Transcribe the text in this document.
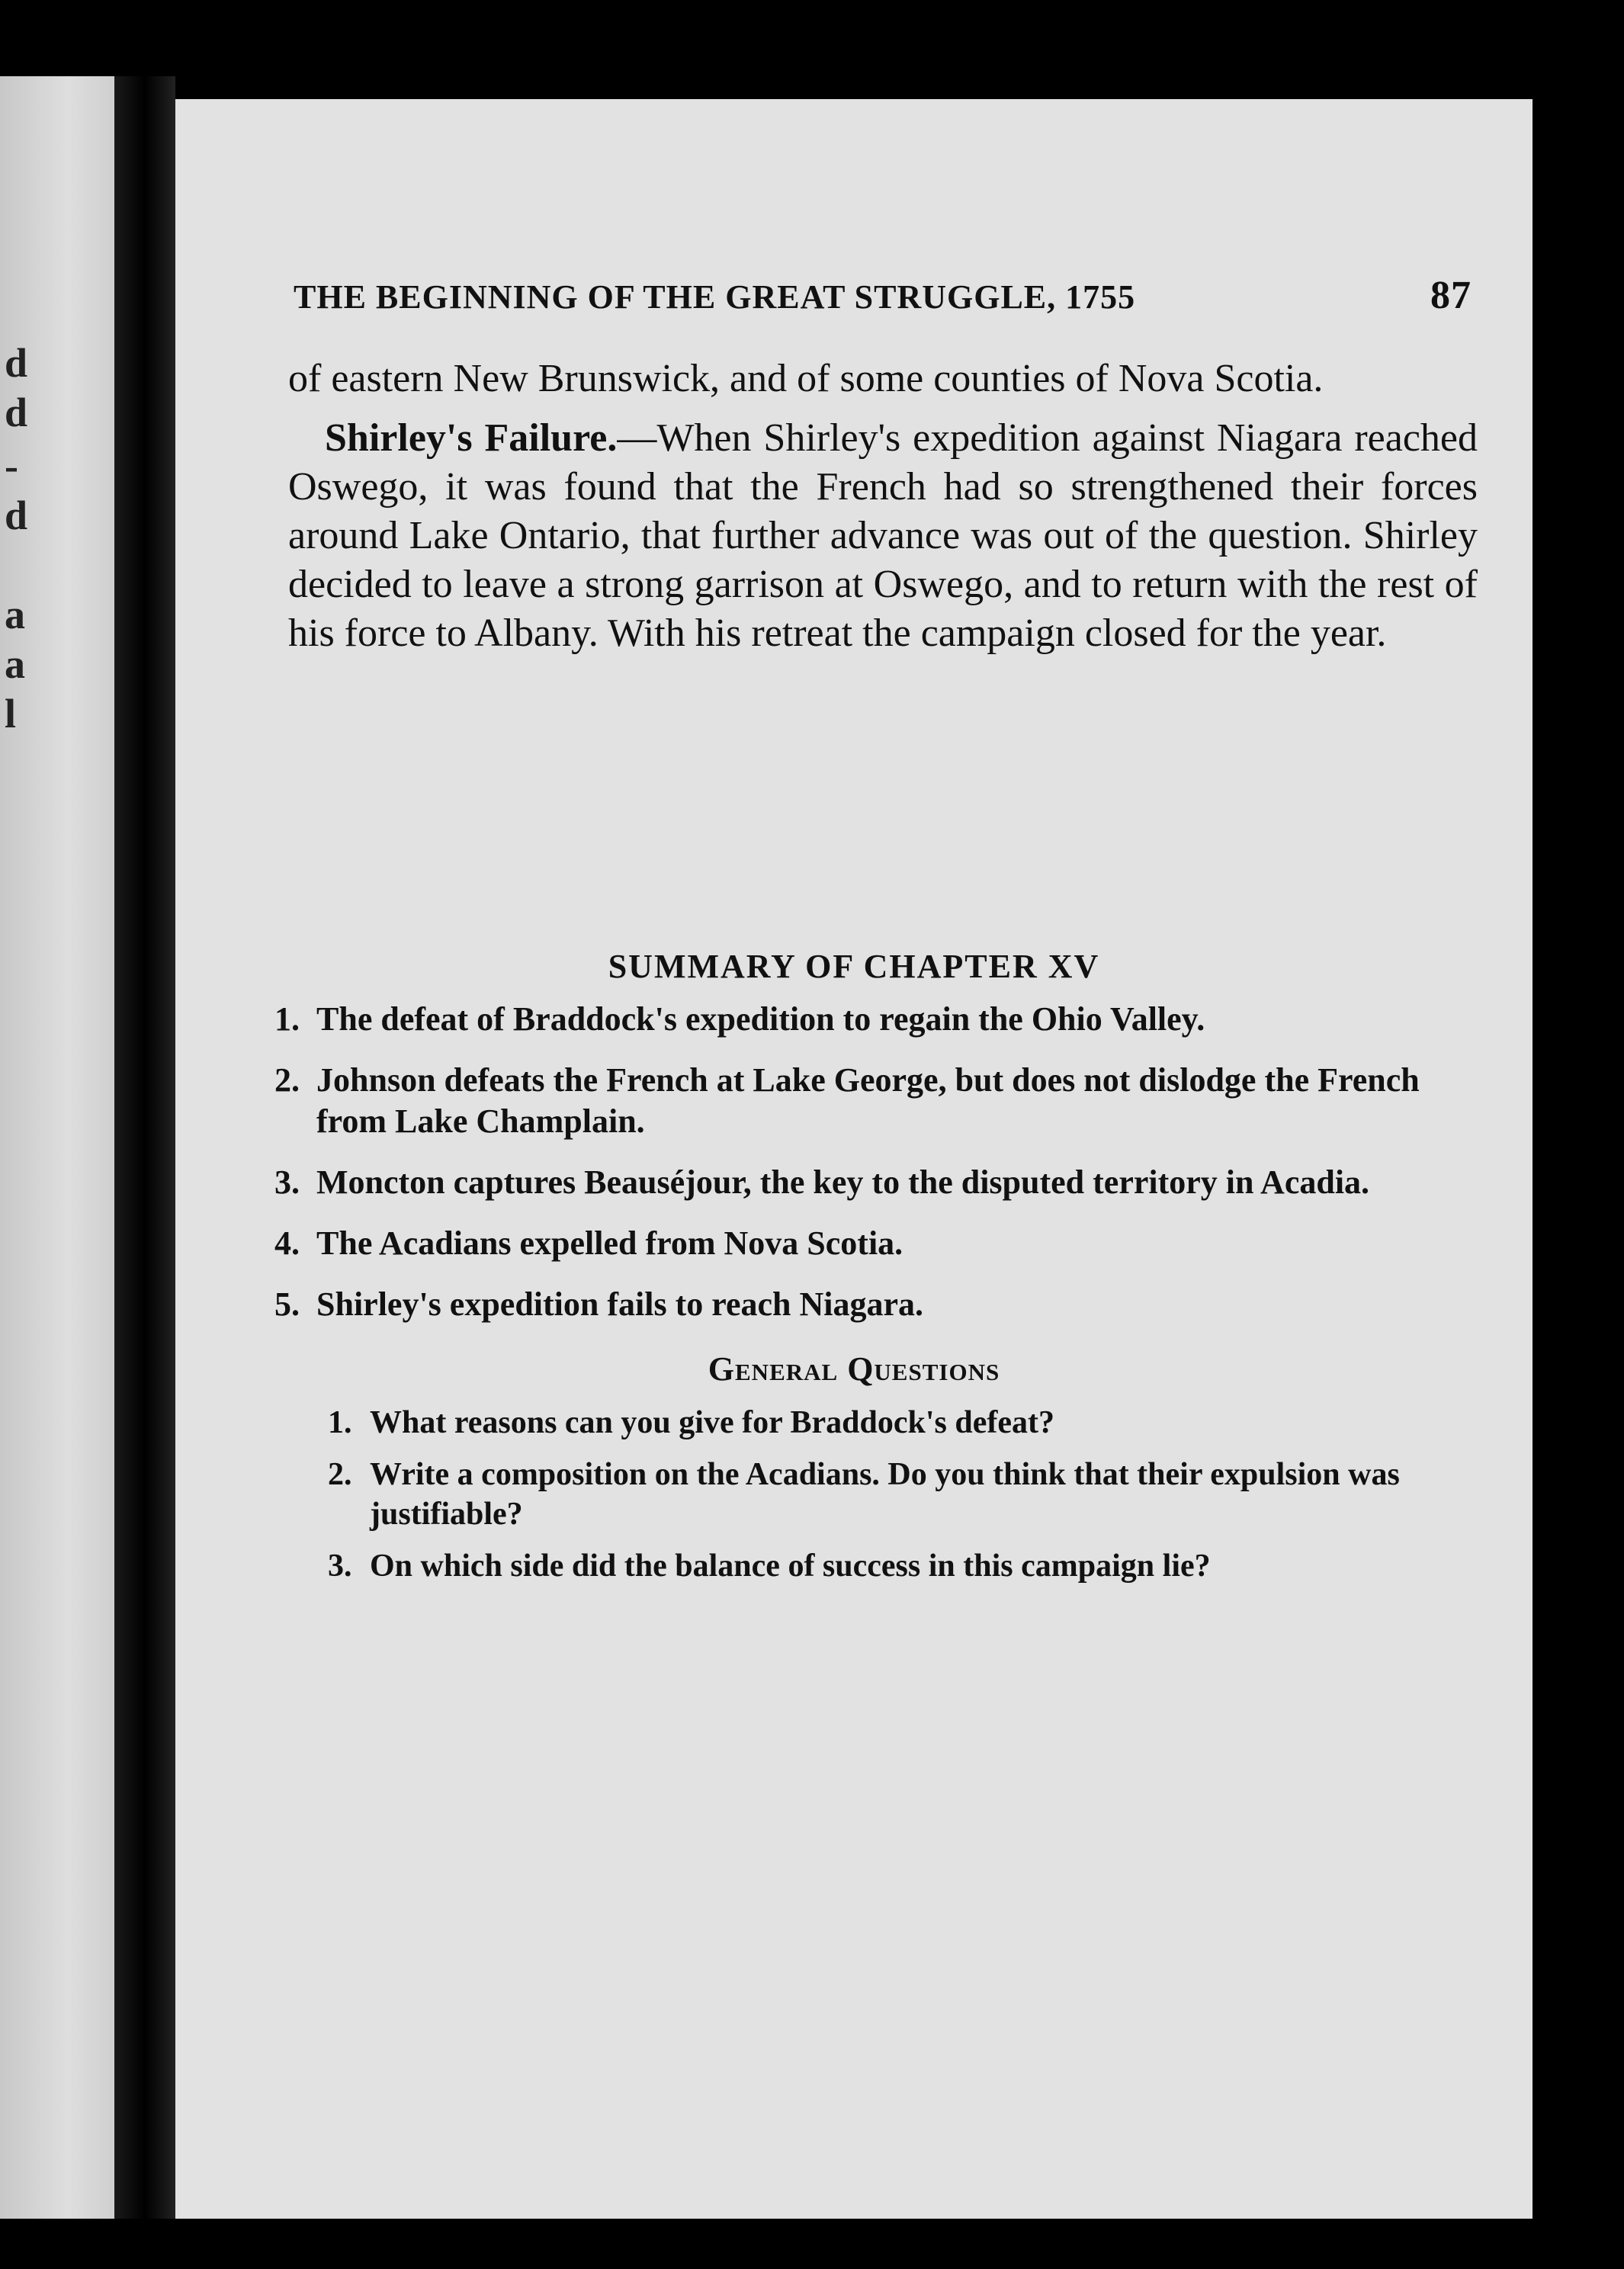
d
d
-
d
a
a
l
THE BEGINNING OF THE GREAT STRUGGLE, 1755	87

of eastern New Brunswick, and of some counties of Nova Scotia.

Shirley's Failure.—When Shirley's expedition against Niagara reached Oswego, it was found that the French had so strengthened their forces around Lake Ontario, that further advance was out of the question. Shirley decided to leave a strong garrison at Oswego, and to return with the rest of his force to Albany. With his retreat the campaign closed for the year.

SUMMARY OF CHAPTER XV
1. The defeat of Braddock's expedition to regain the Ohio Valley.
2. Johnson defeats the French at Lake George, but does not dislodge the French from Lake Champlain.
3. Moncton captures Beauséjour, the key to the disputed territory in Acadia.
4. The Acadians expelled from Nova Scotia.
5. Shirley's expedition fails to reach Niagara.
General Questions
1. What reasons can you give for Braddock's defeat?
2. Write a composition on the Acadians. Do you think that their expulsion was justifiable?
3. On which side did the balance of success in this campaign lie?
